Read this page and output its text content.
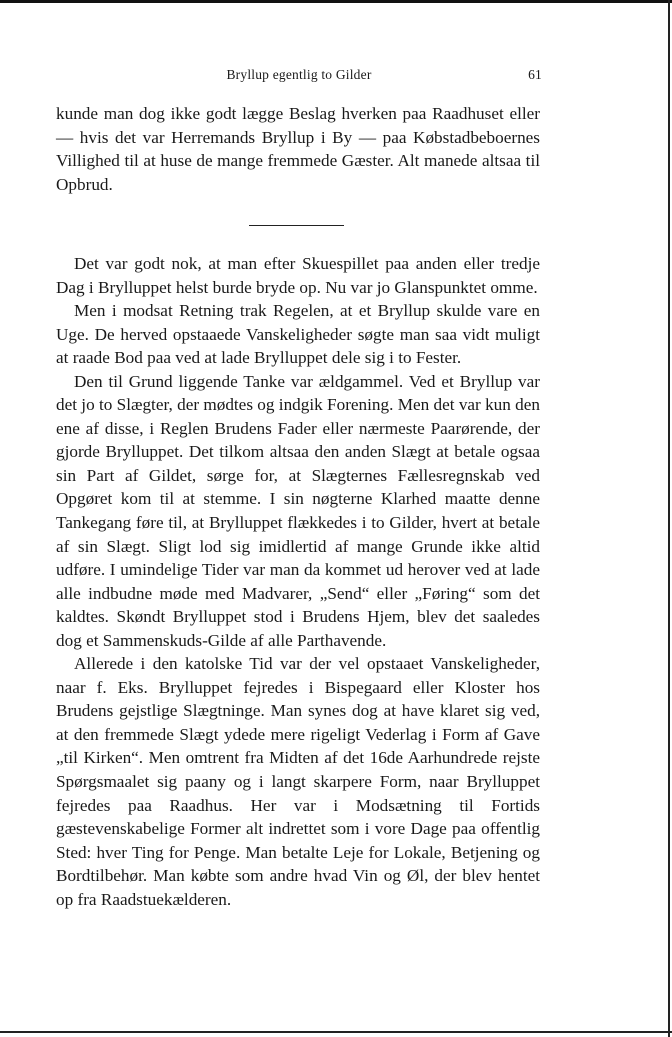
Bryllup egentlig to Gilder	61

kunde man dog ikke godt lægge Beslag hverken paa Raadhuset eller — hvis det var Herremands Bryllup i By — paa Købstadbeboernes Villighed til at huse de mange fremmede Gæster. Alt manede altsaa til Opbrud.

Det var godt nok, at man efter Skuespillet paa anden eller tredje Dag i Brylluppet helst burde bryde op. Nu var jo Glanspunktet omme.

Men i modsat Retning trak Regelen, at et Bryllup skulde vare en Uge. De herved opstaaede Vanskeligheder søgte man saa vidt muligt at raade Bod paa ved at lade Brylluppet dele sig i to Fester.

Den til Grund liggende Tanke var ældgammel. Ved et Bryllup var det jo to Slægter, der mødtes og indgik Forening. Men det var kun den ene af disse, i Reglen Brudens Fader eller nærmeste Paarørende, der gjorde Brylluppet. Det tilkom altsaa den anden Slægt at betale ogsaa sin Part af Gildet, sørge for, at Slægternes Fællesregnskab ved Opgøret kom til at stemme. I sin nøgterne Klarhed maatte denne Tankegang føre til, at Brylluppet flækkedes i to Gilder, hvert at betale af sin Slægt. Sligt lod sig imidlertid af mange Grunde ikke altid udføre. I umindelige Tider var man da kommet ud herover ved at lade alle indbudne møde med Madvarer, „Send“ eller „Føring“ som det kaldtes. Skøndt Brylluppet stod i Brudens Hjem, blev det saaledes dog et Sammenskuds-Gilde af alle Parthavende.

Allerede i den katolske Tid var der vel opstaaet Vanskeligheder, naar f. Eks. Brylluppet fejredes i Bispegaard eller Kloster hos Brudens gejstlige Slægtninge. Man synes dog at have klaret sig ved, at den fremmede Slægt ydede mere rigeligt Vederlag i Form af Gave „til Kirken“. Men omtrent fra Midten af det 16de Aarhundrede rejste Spørgsmaalet sig paany og i langt skarpere Form, naar Brylluppet fejredes paa Raadhus. Her var i Modsætning til Fortids gæstevenskabelige Former alt indrettet som i vore Dage paa offentlig Sted: hver Ting for Penge. Man betalte Leje for Lokale, Betjening og Bordtilbehør. Man købte som andre hvad Vin og Øl, der blev hentet op fra Raadstuekælderen.
